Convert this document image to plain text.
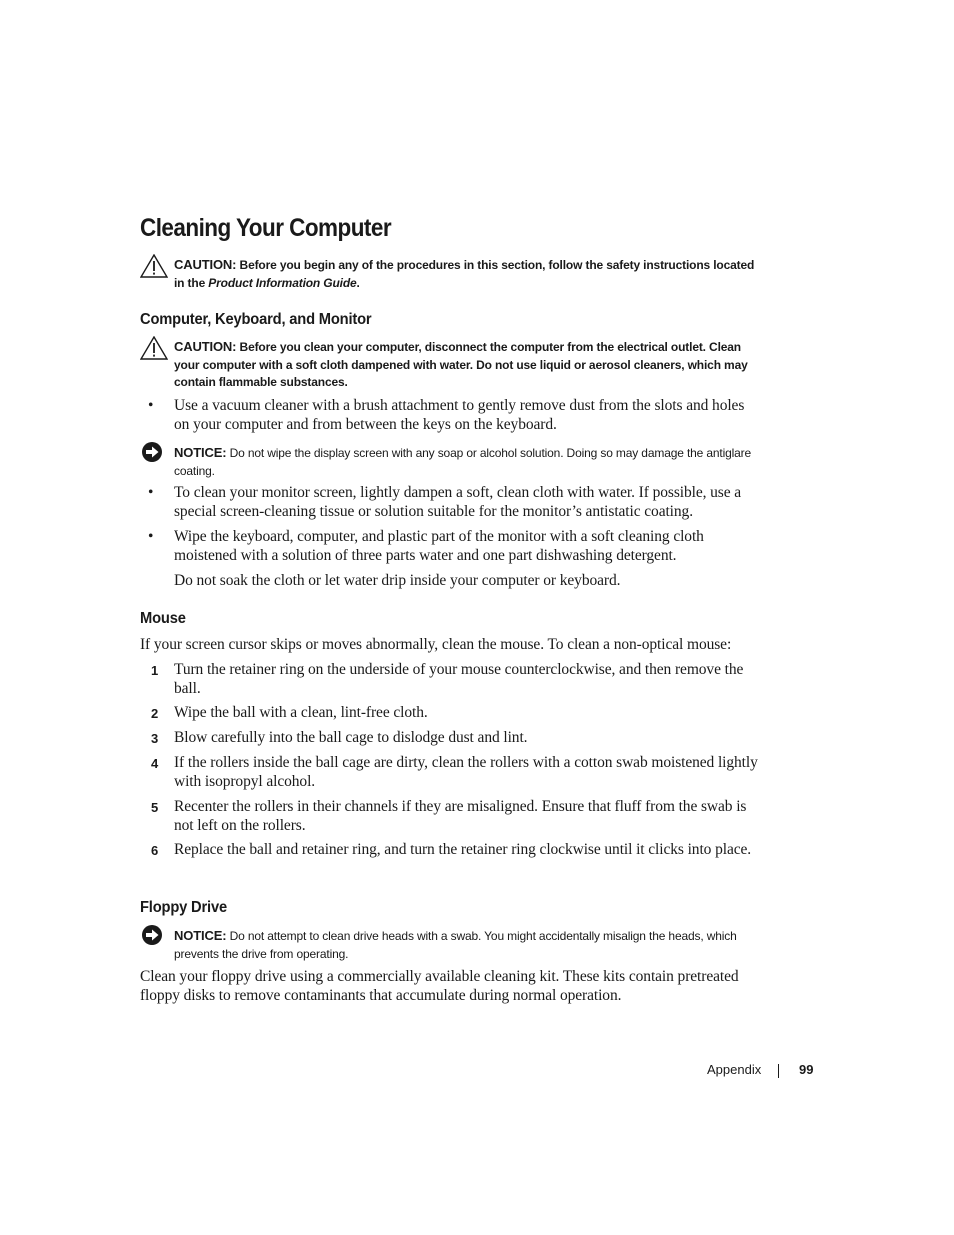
Cleaning Your Computer
CAUTION: Before you begin any of the procedures in this section, follow the safety instructions located in the Product Information Guide.
Computer, Keyboard, and Monitor
CAUTION: Before you clean your computer, disconnect the computer from the electrical outlet. Clean your computer with a soft cloth dampened with water. Do not use liquid or aerosol cleaners, which may contain flammable substances.
•	Use a vacuum cleaner with a brush attachment to gently remove dust from the slots and holes on your computer and from between the keys on the keyboard.
NOTICE: Do not wipe the display screen with any soap or alcohol solution. Doing so may damage the antiglare coating.
•	To clean your monitor screen, lightly dampen a soft, clean cloth with water. If possible, use a special screen-cleaning tissue or solution suitable for the monitor’s antistatic coating.
•	Wipe the keyboard, computer, and plastic part of the monitor with a soft cleaning cloth moistened with a solution of three parts water and one part dishwashing detergent.
Do not soak the cloth or let water drip inside your computer or keyboard.
Mouse
If your screen cursor skips or moves abnormally, clean the mouse. To clean a non-optical mouse:
1	Turn the retainer ring on the underside of your mouse counterclockwise, and then remove the ball.
2	Wipe the ball with a clean, lint-free cloth.
3	Blow carefully into the ball cage to dislodge dust and lint.
4	If the rollers inside the ball cage are dirty, clean the rollers with a cotton swab moistened lightly with isopropyl alcohol.
5	Recenter the rollers in their channels if they are misaligned. Ensure that fluff from the swab is not left on the rollers.
6	Replace the ball and retainer ring, and turn the retainer ring clockwise until it clicks into place.
Floppy Drive
NOTICE: Do not attempt to clean drive heads with a swab. You might accidentally misalign the heads, which prevents the drive from operating.
Clean your floppy drive using a commercially available cleaning kit. These kits contain pretreated floppy disks to remove contaminants that accumulate during normal operation.
Appendix	99
